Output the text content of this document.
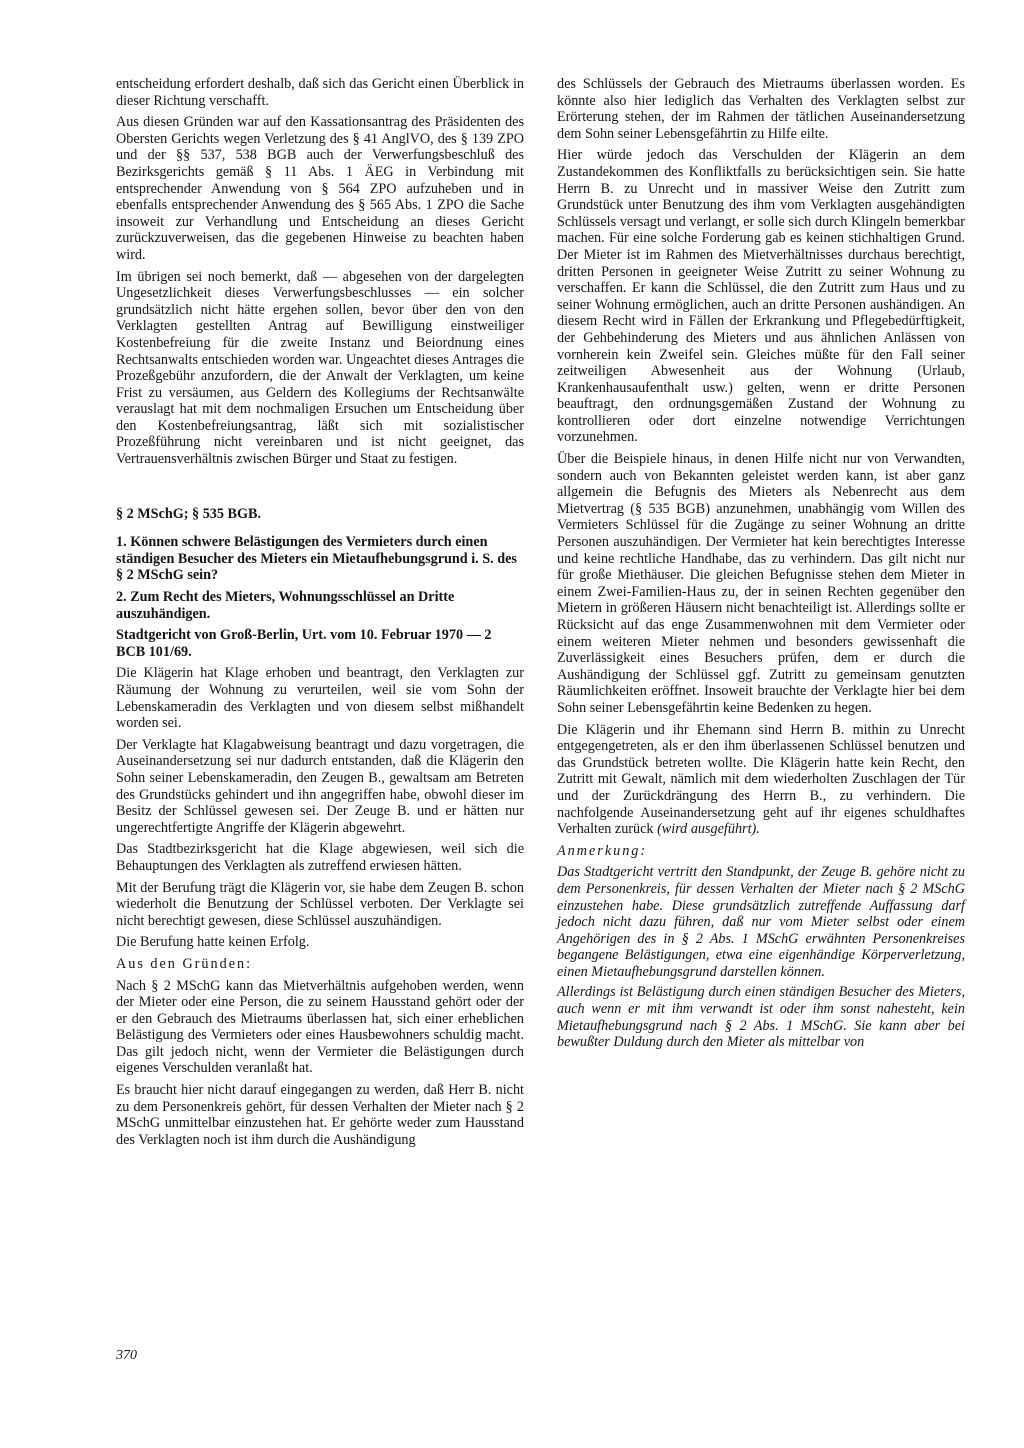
entscheidung erfordert deshalb, daß sich das Gericht einen Überblick in dieser Richtung verschafft.

Aus diesen Gründen war auf den Kassationsantrag des Präsidenten des Obersten Gerichts wegen Verletzung des § 41 AnglVO, des § 139 ZPO und der §§ 537, 538 BGB auch der Verwerfungsbeschluß des Bezirksgerichts gemäß § 11 Abs. 1 ÄEG in Verbindung mit entsprechender Anwendung von § 564 ZPO aufzuheben und in ebenfalls entsprechender Anwendung des § 565 Abs. 1 ZPO die Sache insoweit zur Verhandlung und Entscheidung an dieses Gericht zurückzuverweisen, das die gegebenen Hinweise zu beachten haben wird.

Im übrigen sei noch bemerkt, daß — abgesehen von der dargelegten Ungesetzlichkeit dieses Verwerfungsbeschlusses — ein solcher grundsätzlich nicht hätte ergehen sollen, bevor über den von den Verklagten gestellten Antrag auf Bewilligung einstweiliger Kostenbefreiung für die zweite Instanz und Beiordnung eines Rechtsanwalts entschieden worden war. Ungeachtet dieses Antrages die Prozeßgebühr anzufordern, die der Anwalt der Verklagten, um keine Frist zu versäumen, aus Geldern des Kollegiums der Rechtsanwälte verauslagt hat mit dem nochmaligen Ersuchen um Entscheidung über den Kostenbefreiungsantrag, läßt sich mit sozialistischer Prozeßführung nicht vereinbaren und ist nicht geeignet, das Vertrauensverhältnis zwischen Bürger und Staat zu festigen.

§ 2 MSchG; § 535 BGB.

1. Können schwere Belästigungen des Vermieters durch einen ständigen Besucher des Mieters ein Mietaufhebungsgrund i. S. des § 2 MSchG sein?

2. Zum Recht des Mieters, Wohnungsschlüssel an Dritte auszuhändigen.

Stadtgericht von Groß-Berlin, Urt. vom 10. Februar 1970 — 2 BCB 101/69.

Die Klägerin hat Klage erhoben und beantragt, den Verklagten zur Räumung der Wohnung zu verurteilen, weil sie vom Sohn der Lebenskameradin des Verklagten und von diesem selbst mißhandelt worden sei.

Der Verklagte hat Klagabweisung beantragt und dazu vorgetragen, die Auseinandersetzung sei nur dadurch entstanden, daß die Klägerin den Sohn seiner Lebenskameradin, den Zeugen B., gewaltsam am Betreten des Grundstücks gehindert und ihn angegriffen habe, obwohl dieser im Besitz der Schlüssel gewesen sei. Der Zeuge B. und er hätten nur ungerechtfertigte Angriffe der Klägerin abgewehrt.

Das Stadtbezirksgericht hat die Klage abgewiesen, weil sich die Behauptungen des Verklagten als zutreffend erwiesen hätten.

Mit der Berufung trägt die Klägerin vor, sie habe dem Zeugen B. schon wiederholt die Benutzung der Schlüssel verboten. Der Verklagte sei nicht berechtigt gewesen, diese Schlüssel auszuhändigen.

Die Berufung hatte keinen Erfolg.

Aus den Gründen:

Nach § 2 MSchG kann das Mietverhältnis aufgehoben werden, wenn der Mieter oder eine Person, die zu seinem Hausstand gehört oder der er den Gebrauch des Mietraums überlassen hat, sich einer erheblichen Belästigung des Vermieters oder eines Hausbewohners schuldig macht. Das gilt jedoch nicht, wenn der Vermieter die Belästigungen durch eigenes Verschulden veranlaßt hat.

Es braucht hier nicht darauf eingegangen zu werden, daß Herr B. nicht zu dem Personenkreis gehört, für dessen Verhalten der Mieter nach § 2 MSchG unmittelbar einzustehen hat. Er gehörte weder zum Hausstand des Verklagten noch ist ihm durch die Aushändigung

des Schlüssels der Gebrauch des Mietraums überlassen worden. Es könnte also hier lediglich das Verhalten des Verklagten selbst zur Erörterung stehen, der im Rahmen der tätlichen Auseinandersetzung dem Sohn seiner Lebensgefährtin zu Hilfe eilte.

Hier würde jedoch das Verschulden der Klägerin an dem Zustandekommen des Konfliktfalls zu berücksichtigen sein. Sie hatte Herrn B. zu Unrecht und in massiver Weise den Zutritt zum Grundstück unter Benutzung des ihm vom Verklagten ausgehändigten Schlüssels versagt und verlangt, er solle sich durch Klingeln bemerkbar machen. Für eine solche Forderung gab es keinen stichhaltigen Grund. Der Mieter ist im Rahmen des Mietverhältnisses durchaus berechtigt, dritten Personen in geeigneter Weise Zutritt zu seiner Wohnung zu verschaffen. Er kann die Schlüssel, die den Zutritt zum Haus und zu seiner Wohnung ermöglichen, auch an dritte Personen aushändigen. An diesem Recht wird in Fällen der Erkrankung und Pflegebedürftigkeit, der Gehbehinderung des Mieters und aus ähnlichen Anlässen von vornherein kein Zweifel sein. Gleiches müßte für den Fall seiner zeitweiligen Abwesenheit aus der Wohnung (Urlaub, Krankenhausaufenthalt usw.) gelten, wenn er dritte Personen beauftragt, den ordnungsgemäßen Zustand der Wohnung zu kontrollieren oder dort einzelne notwendige Verrichtungen vorzunehmen.

Über die Beispiele hinaus, in denen Hilfe nicht nur von Verwandten, sondern auch von Bekannten geleistet werden kann, ist aber ganz allgemein die Befugnis des Mieters als Nebenrecht aus dem Mietvertrag (§ 535 BGB) anzunehmen, unabhängig vom Willen des Vermieters Schlüssel für die Zugänge zu seiner Wohnung an dritte Personen auszuhändigen. Der Vermieter hat kein berechtigtes Interesse und keine rechtliche Handhabe, das zu verhindern. Das gilt nicht nur für große Miethäuser. Die gleichen Befugnisse stehen dem Mieter in einem Zwei-Familien-Haus zu, der in seinen Rechten gegenüber den Mietern in größeren Häusern nicht benachteiligt ist. Allerdings sollte er Rücksicht auf das enge Zusammenwohnen mit dem Vermieter oder einem weiteren Mieter nehmen und besonders gewissenhaft die Zuverlässigkeit eines Besuchers prüfen, dem er durch die Aushändigung der Schlüssel ggf. Zutritt zu gemeinsam genutzten Räumlichkeiten eröffnet. Insoweit brauchte der Verklagte hier bei dem Sohn seiner Lebensgefährtin keine Bedenken zu hegen.

Die Klägerin und ihr Ehemann sind Herrn B. mithin zu Unrecht entgegengetreten, als er den ihm überlassenen Schlüssel benutzen und das Grundstück betreten wollte. Die Klägerin hatte kein Recht, den Zutritt mit Gewalt, nämlich mit dem wiederholten Zuschlagen der Tür und der Zurückdrängung des Herrn B., zu verhindern. Die nachfolgende Auseinandersetzung geht auf ihr eigenes schuldhaftes Verhalten zurück (wird ausgeführt).

Anmerkung:

Das Stadtgericht vertritt den Standpunkt, der Zeuge B. gehöre nicht zu dem Personenkreis, für dessen Verhalten der Mieter nach § 2 MSchG einzustehen habe. Diese grundsätzlich zutreffende Auffassung darf jedoch nicht dazu führen, daß nur vom Mieter selbst oder einem Angehörigen des in § 2 Abs. 1 MSchG erwähnten Personenkreises begangene Belästigungen, etwa eine eigenhändige Körperverletzung, einen Mietaufhebungsgrund darstellen können.

Allerdings ist Belästigung durch einen ständigen Besucher des Mieters, auch wenn er mit ihm verwandt ist oder ihm sonst nahesteht, kein Mietaufhebungsgrund nach § 2 Abs. 1 MSchG. Sie kann aber bei bewußter Duldung durch den Mieter als mittelbar von

370
